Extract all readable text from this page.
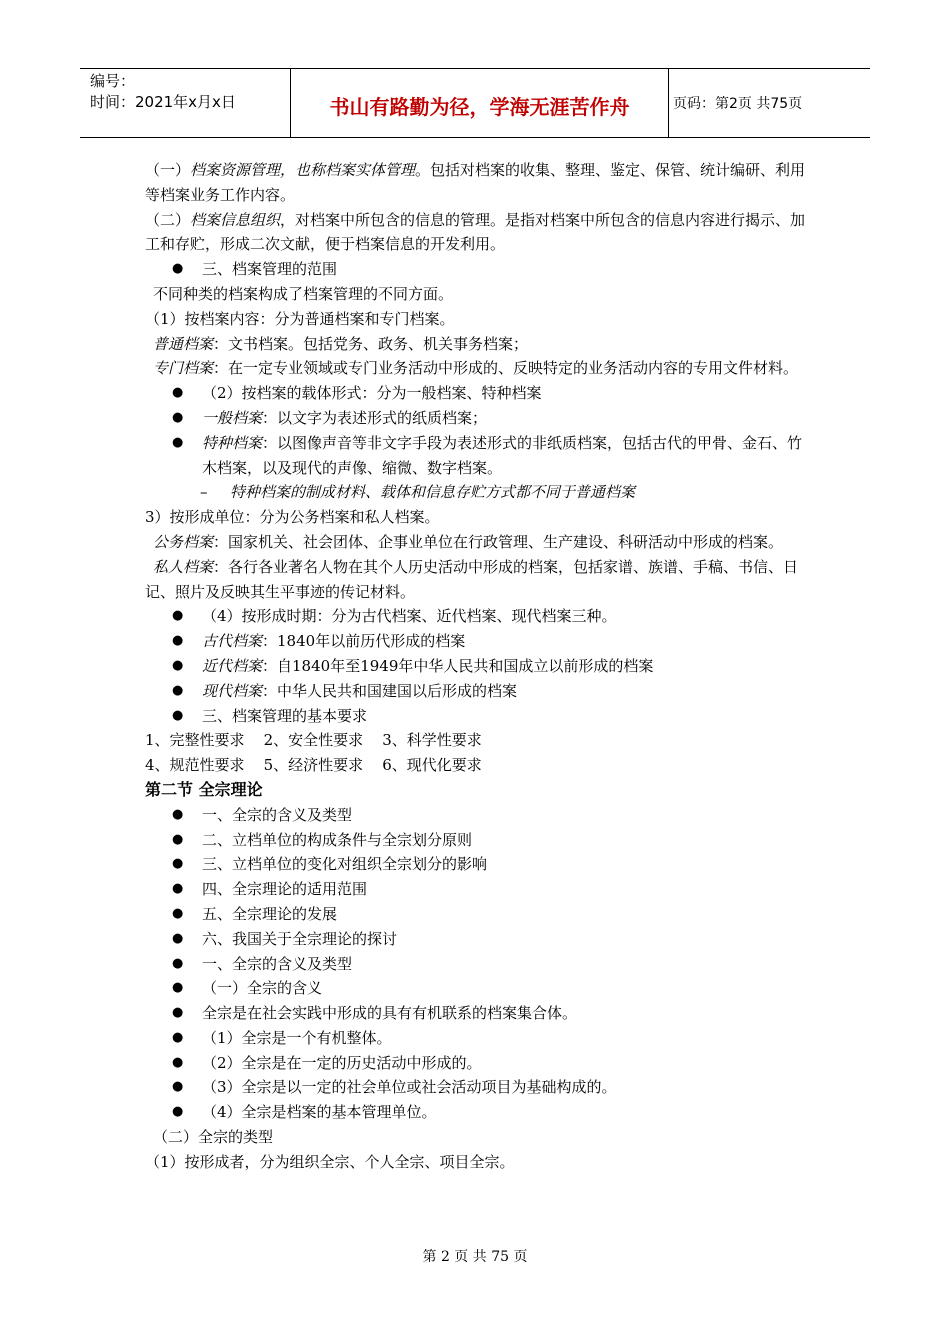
编号：
时间：2021年x月x日	书山有路勤为径，学海无涯苦作舟	页码：第2页 共75页
（一）档案资源管理，也称档案实体管理。包括对档案的收集、整理、鉴定、保管、统计编研、利用等档案业务工作内容。
（二）档案信息组织，对档案中所包含的信息的管理。是指对档案中所包含的信息内容进行揭示、加工和存贮，形成二次文献，便于档案信息的开发利用。
● 三、档案管理的范围
不同种类的档案构成了档案管理的不同方面。
（1）按档案内容：分为普通档案和专门档案。
普通档案：文书档案。包括党务、政务、机关事务档案；
专门档案：在一定专业领域或专门业务活动中形成的、反映特定的业务活动内容的专用文件材料。
● （2）按档案的载体形式：分为一般档案、特种档案
● 一般档案：以文字为表述形式的纸质档案；
● 特种档案：以图像声音等非文字手段为表述形式的非纸质档案，包括古代的甲骨、金石、竹木档案，以及现代的声像、缩微、数字档案。
– 特种档案的制成材料、载体和信息存贮方式都不同于普通档案
3）按形成单位：分为公务档案和私人档案。
公务档案：国家机关、社会团体、企事业单位在行政管理、生产建设、科研活动中形成的档案。
私人档案：各行各业著名人物在其个人历史活动中形成的档案，包括家谱、族谱、手稿、书信、日记、照片及反映其生平事迹的传记材料。
● （4）按形成时期：分为古代档案、近代档案、现代档案三种。
● 古代档案：1840年以前历代形成的档案
● 近代档案：自1840年至1949年中华人民共和国成立以前形成的档案
● 现代档案：中华人民共和国建国以后形成的档案
● 三、档案管理的基本要求
1、完整性要求    2、安全性要求    3、科学性要求
4、规范性要求    5、经济性要求    6、现代化要求
第二节 全宗理论
● 一、全宗的含义及类型
● 二、立档单位的构成条件与全宗划分原则
● 三、立档单位的变化对组织全宗划分的影响
● 四、全宗理论的适用范围
● 五、全宗理论的发展
● 六、我国关于全宗理论的探讨
● 一、全宗的含义及类型
● （一）全宗的含义
● 全宗是在社会实践中形成的具有有机联系的档案集合体。
● （1）全宗是一个有机整体。
● （2）全宗是在一定的历史活动中形成的。
● （3）全宗是以一定的社会单位或社会活动项目为基础构成的。
● （4）全宗是档案的基本管理单位。
（二）全宗的类型
（1）按形成者，分为组织全宗、个人全宗、项目全宗。
第 2 页 共 75 页
